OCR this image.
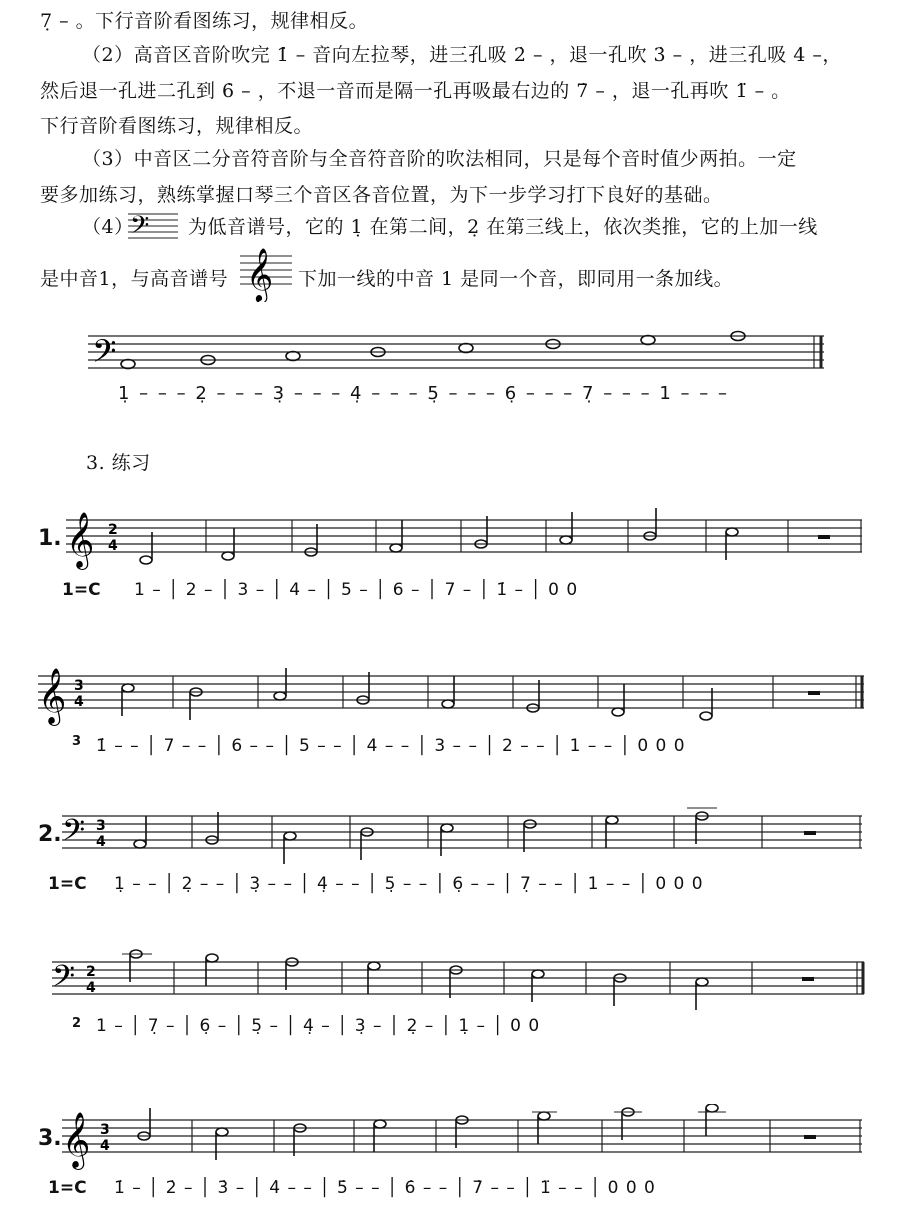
7̣ – 。下行音阶看图练习，规律相反。
（2）高音区音阶吹完 1̇ – 音向左拉琴，进三孔吸 2̇ – ，退一孔吹 3̇ – ，进三孔吸 4̇ –，
然后退一孔进二孔到 6̇ – ，不退一音而是隔一孔再吸最右边的 7̇ – ，退一孔再吹 1̈ – 。
下行音阶看图练习，规律相反。
（3）中音区二分音符音阶与全音符音阶的吹法相同，只是每个音时值少两拍。一定
要多加练习，熟练掌握口琴三个音区各音位置，为下一步学习打下良好的基础。
（4）
𝄢 为低音谱号，它的 1̣ 在第二间，2̣ 在第三线上，依次类推，它的上加一线
是中音1，与高音谱号 𝄞 下加一线的中音 1 是同一个音，即同用一条加线。
𝄢
1̣ – – – 2̣ – – – 3̣ – – – 4̣ – – – 5̣ – – – 6̣ – – – 7̣ – – – 1 – – –
3. 练习
1. 𝄞 2
4
1=C 1 – │ 2 – │ 3 – │ 4 – │ 5 – │ 6 – │ 7 – │ 1̇ – │ 0 0
𝄞 3
4
3 1̇ – – │ 7 – – │ 6 – – │ 5 – – │ 4 – – │ 3 – – │ 2 – – │ 1 – – │ 0 0 0
2. 𝄢 3
4
1=C 1̣ – – │ 2̣ – – │ 3̣ – – │ 4̣ – – │ 5̣ – – │ 6̣ – – │ 7̣ – – │ 1 – – │ 0 0 0
𝄢 2
4
2 1 – │ 7̣ – │ 6̣ – │ 5̣ – │ 4̣ – │ 3̣ – │ 2̣ – │ 1̣ – │ 0 0
3. 𝄞 3
4
1=C 1̇ – │ 2̇ – │ 3̇ – │ 4̇ – – │ 5̇ – – │ 6̇ – – │ 7̇ – – │ 1̈ – – │ 0 0 0
